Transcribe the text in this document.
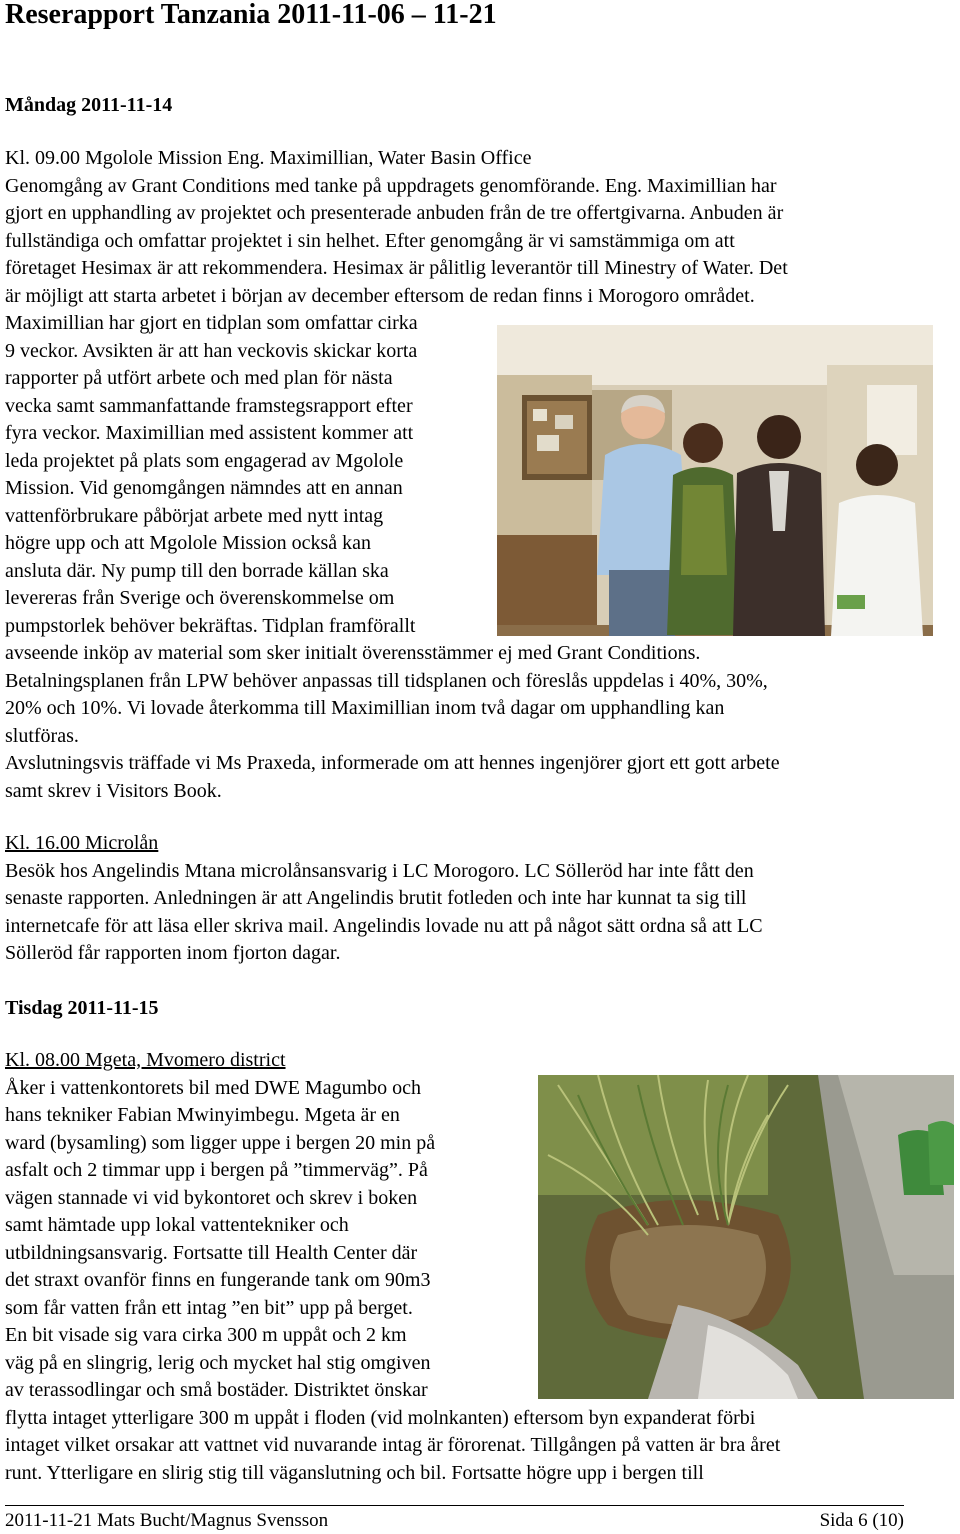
Reserapport Tanzania 2011-11-06 – 11-21
Måndag 2011-11-14
Kl. 09.00 Mgolole Mission Eng. Maximillian, Water Basin Office
Genomgång av Grant Conditions med tanke på uppdragets genomförande. Eng. Maximillian har
gjort en upphandling av projektet och presenterade anbuden från de tre offertgivarna. Anbuden är
fullständiga och omfattar projektet i sin helhet. Efter genomgång är vi samstämmiga om att
företaget Hesimax är att rekommendera. Hesimax är pålitlig leverantör till Minestry of Water. Det
är möjligt att starta arbetet i början av december eftersom de redan finns i Morogoro området.
Maximillian har gjort en tidplan som omfattar cirka
9 veckor. Avsikten är att han veckovis skickar korta
rapporter på utfört arbete och med plan för nästa
vecka samt sammanfattande framstegsrapport efter
fyra veckor. Maximillian med assistent kommer att
leda projektet på plats som engagerad av Mgolole
Mission. Vid genomgången nämndes att en annan
vattenförbrukare påbörjat arbete med nytt intag
högre upp och att Mgolole Mission också kan
ansluta där. Ny pump till den borrade källan ska
levereras från Sverige och överenskommelse om
pumpstorlek behöver bekräftas. Tidplan framförallt
avseende inköp av material som sker initialt överensstämmer ej med Grant Conditions.
Betalningsplanen från LPW behöver anpassas till tidsplanen och föreslås uppdelas i 40%, 30%,
20% och 10%. Vi lovade återkomma till Maximillian inom två dagar om upphandling kan
slutföras.
Avslutningsvis träffade vi Ms Praxeda, informerade om att hennes ingenjörer gjort ett gott arbete
samt skrev i Visitors Book.
Kl. 16.00 Microlån
Besök hos Angelindis Mtana microlånsansvarig i LC Morogoro. LC Sölleröd har inte fått den
senaste rapporten. Anledningen är att Angelindis brutit fotleden och inte har kunnat ta sig till
internetcafe för att läsa eller skriva mail. Angelindis lovade nu att på något sätt ordna så att LC
Sölleröd får rapporten inom fjorton dagar.
Tisdag 2011-11-15
Kl. 08.00 Mgeta, Mvomero district
Åker i vattenkontorets bil med DWE Magumbo och
hans tekniker Fabian Mwinyimbegu. Mgeta är en
ward (bysamling) som ligger uppe i bergen 20 min på
asfalt och 2 timmar upp i bergen på ”timmerväg”. På
vägen stannade vi vid bykontoret och skrev i boken
samt hämtade upp lokal vattentekniker och
utbildningsansvarig. Fortsatte till Health Center där
det straxt ovanför finns en fungerande tank om 90m3
som får vatten från ett intag ”en bit” upp på berget.
En bit visade sig vara cirka 300 m uppåt och 2 km
väg på en slingrig, lerig och mycket hal stig omgiven
av terassodlingar och små bostäder. Distriktet önskar
flytta intaget ytterligare 300 m uppåt i floden (vid molnkanten) eftersom byn expanderat förbi
intaget vilket orsakar att vattnet vid nuvarande intag är förorenat. Tillgången på vatten är bra året
runt. Ytterligare en slirig stig till väganslutning och bil. Fortsatte högre upp i bergen till
2011-11-21 Mats Bucht/Magnus Svensson	Sida 6 (10)
